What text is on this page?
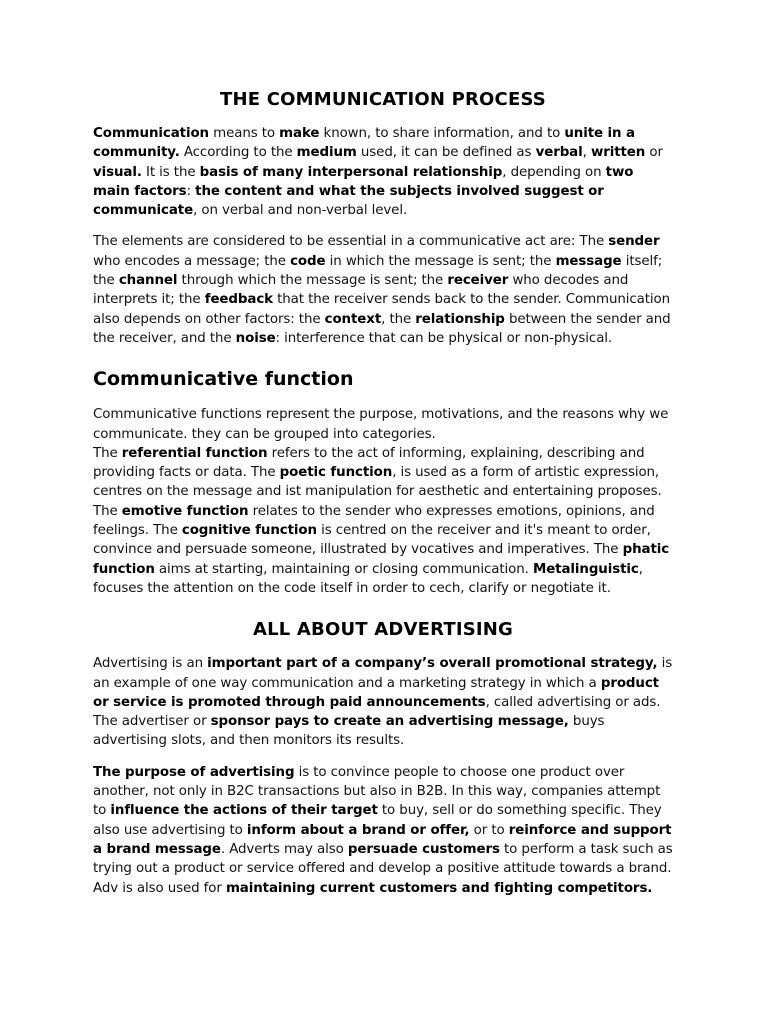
THE COMMUNICATION PROCESS

Communication means to make known, to share information, and to unite in a community. According to the medium used, it can be defined as verbal, written or visual. It is the basis of many interpersonal relationship, depending on two main factors: the content and what the subjects involved suggest or communicate, on verbal and non-verbal level.

The elements are considered to be essential in a communicative act are: The sender who encodes a message; the code in which the message is sent; the message itself; the channel through which the message is sent; the receiver who decodes and interprets it; the feedback that the receiver sends back to the sender. Communication also depends on other factors: the context, the relationship between the sender and the receiver, and the noise: interference that can be physical or non-physical.

Communicative function

Communicative functions represent the purpose, motivations, and the reasons why we communicate. they can be grouped into categories.
The referential function refers to the act of informing, explaining, describing and providing facts or data. The poetic function, is used as a form of artistic expression, centres on the message and ist manipulation for aesthetic and entertaining proposes. The emotive function relates to the sender who expresses emotions, opinions, and feelings. The cognitive function is centred on the receiver and it's meant to order, convince and persuade someone, illustrated by vocatives and imperatives. The phatic function aims at starting, maintaining or closing communication. Metalinguistic, focuses the attention on the code itself in order to cech, clarify or negotiate it.

ALL ABOUT ADVERTISING

Advertising is an important part of a company’s overall promotional strategy, is an example of one way communication and a marketing strategy in which a product or service is promoted through paid announcements, called advertising or ads. The advertiser or sponsor pays to create an advertising message, buys advertising slots, and then monitors its results.

The purpose of advertising is to convince people to choose one product over another, not only in B2C transactions but also in B2B. In this way, companies attempt to influence the actions of their target to buy, sell or do something specific. They also use advertising to inform about a brand or offer, or to reinforce and support a brand message. Adverts may also persuade customers to perform a task such as trying out a product or service offered and develop a positive attitude towards a brand. Adv is also used for maintaining current customers and fighting competitors.
